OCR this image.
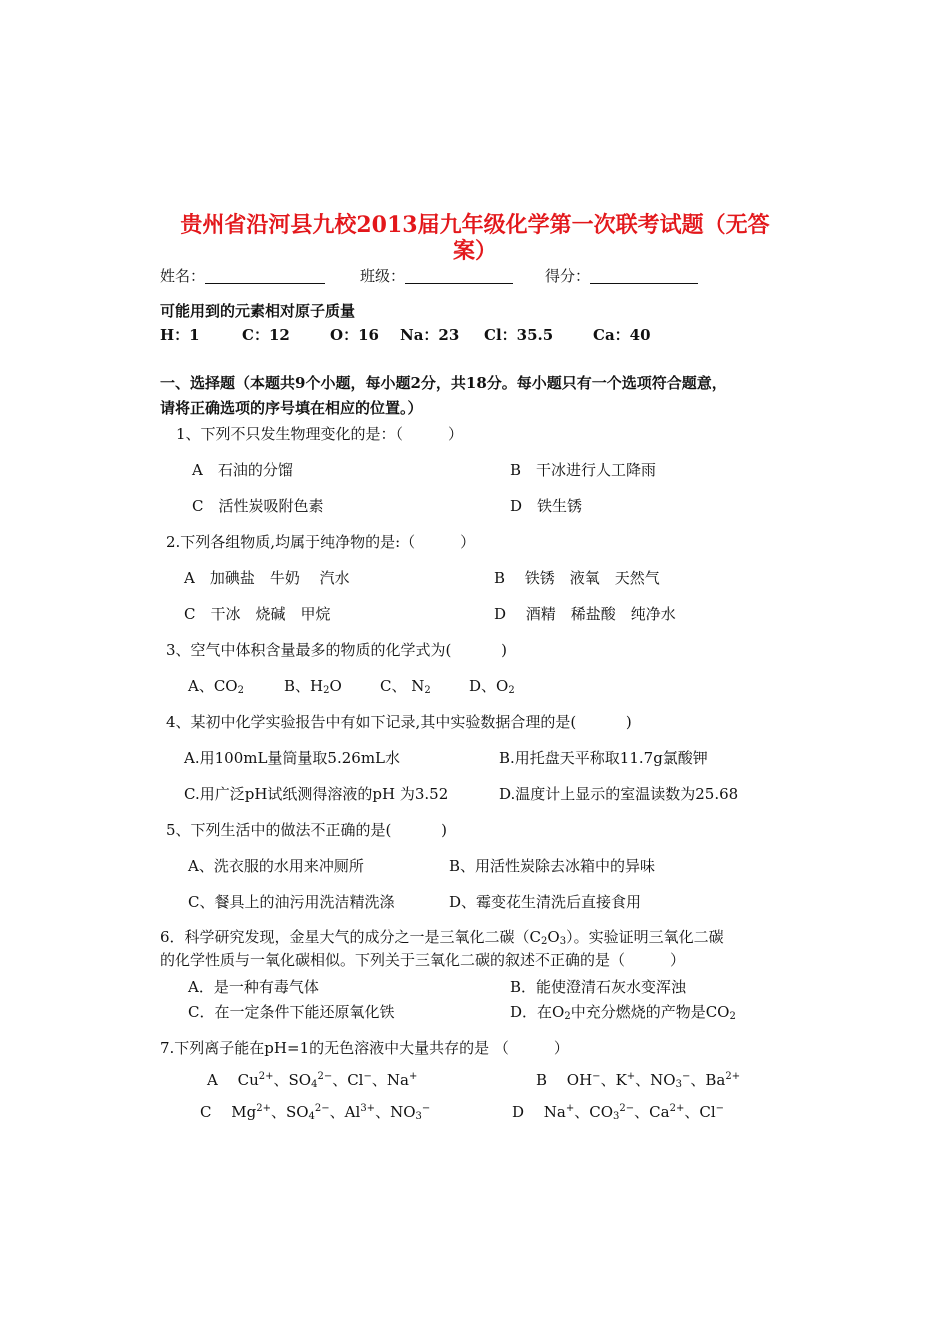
贵州省沿河县九校2013届九年级化学第一次联考试题（无答
案）
姓名：	班级：	得分：
可能用到的元素相对原子质量
H：1	C：12	O：16 Na：23 Cl：35.5	Ca：40
一、选择题（本题共9个小题，每小题2分，共18分。每小题只有一个选项符合题意，
请将正确选项的序号填在相应的位置。）
1、下列不只发生物理变化的是：（　　　）
A　石油的分馏	B　干冰进行人工降雨
C　活性炭吸附色素	D　铁生锈
2.下列各组物质,均属于纯净物的是:（　　　）
A　加碘盐　牛奶　 汽水	B　 铁锈　液氧　天然气
C　干冰　烧碱　甲烷	D　 酒精　稀盐酸　纯净水
3、空气中体积含量最多的物质的化学式为(　　　 )
A、$CO_2$	B、$H_2O$	C、 $N_2$	D、$O_2$
4、某初中化学实验报告中有如下记录,其中实验数据合理的是(　　　 )
A.用100mL量筒量取5.26mL水	B.用托盘天平称取11.7g氯酸钾
C.用广泛pH试纸测得溶液的pH 为3.52	D.温度计上显示的室温读数为25.68
5、下列生活中的做法不正确的是(　　　 )
A、洗衣服的水用来冲厕所	B、用活性炭除去冰箱中的异味
C、餐具上的油污用洗洁精洗涤	D、霉变花生清洗后直接食用
6．科学研究发现，金星大气的成分之一是三氧化二碳$(C_2O_3)$。实验证明三氧化二碳
的化学性质与一氧化碳相似。下列关于三氧化二碳的叙述不正确的是（　　　）
A．是一种有毒气体	B．能使澄清石灰水变浑浊
C．在一定条件下能还原氧化铁	D．在$O_2$中充分燃烧的产物是$CO_2$
7.下列离子能在pH=1的无色溶液中大量共存的是 （　　　）
A　 $Cu^{2+}$、$SO_4^{2-}$、Cl−、Na+	B　 OH−、K+、$NO_3^-$、$Ba^{2+}$
C　 $Mg^{2+}$、$SO_4^{2-}$、$Al^{3+}$、$NO_3^-$	D　 Na+、$CO_3^{2-}$、$Ca^{2+}$、Cl−
